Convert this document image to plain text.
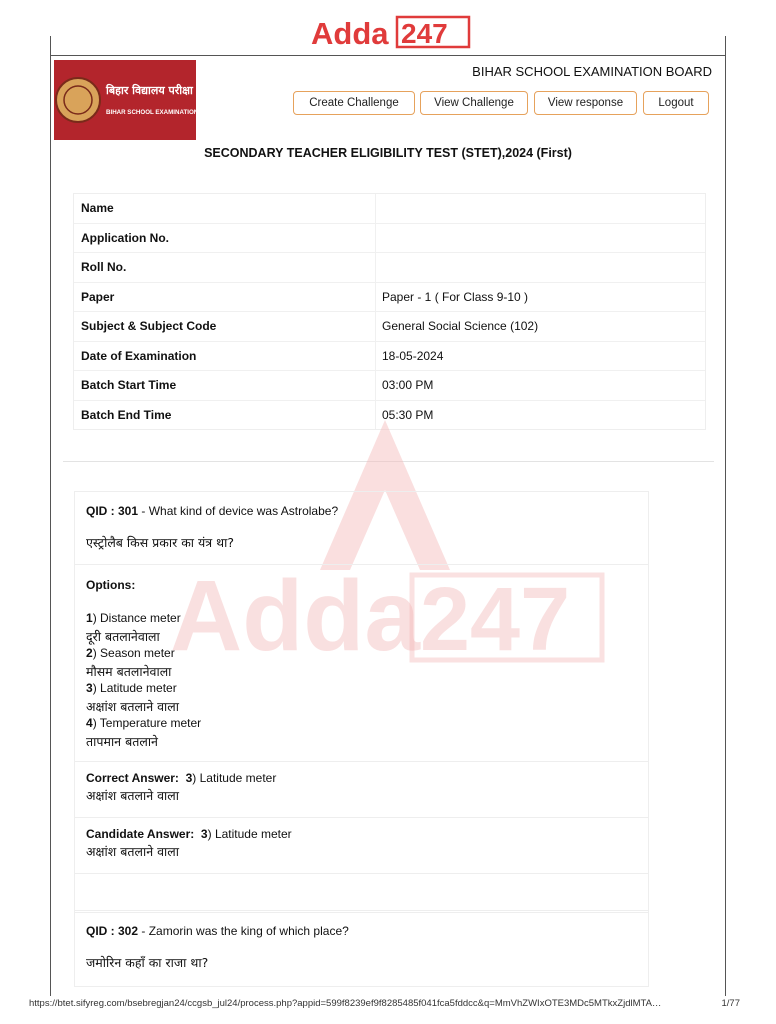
Adda 247
बिहार विद्यालय परीक्षा समिति
BIHAR SCHOOL EXAMINATION BOARD
BIHAR SCHOOL EXAMINATION BOARD
Create Challenge	View Challenge	View response	Logout
SECONDARY TEACHER ELIGIBILITY TEST (STET),2024 (First)
Name
Application No.
Roll No.
Paper	Paper - 1 ( For Class 9-10 )
Subject & Subject Code	General Social Science (102)
Date of Examination	18-05-2024
Batch Start Time	03:00 PM
Batch End Time	05:30 PM
Adda 247
QID : 301 - What kind of device was Astrolabe?
एस्ट्रोलैब किस प्रकार का यंत्र था?
Options:
1) Distance meter
दूरी बतलानेवाला
2) Season meter
मौसम बतलानेवाला
3) Latitude meter
अक्षांश बतलाने वाला
4) Temperature meter
तापमान बतलाने
Correct Answer: 3) Latitude meter
अक्षांश बतलाने वाला
Candidate Answer: 3) Latitude meter
अक्षांश बतलाने वाला
QID : 302 - Zamorin was the king of which place?
जमोरिन कहाँ का राजा था?
https://btet.sifyreg.com/bsebregjan24/ccgsb_jul24/process.php?appid=599f8239ef9f8285485f041fca5fddcc&q=MmVhZWIxOTE3MDc5MTkxZjdlMTA…	1/77
